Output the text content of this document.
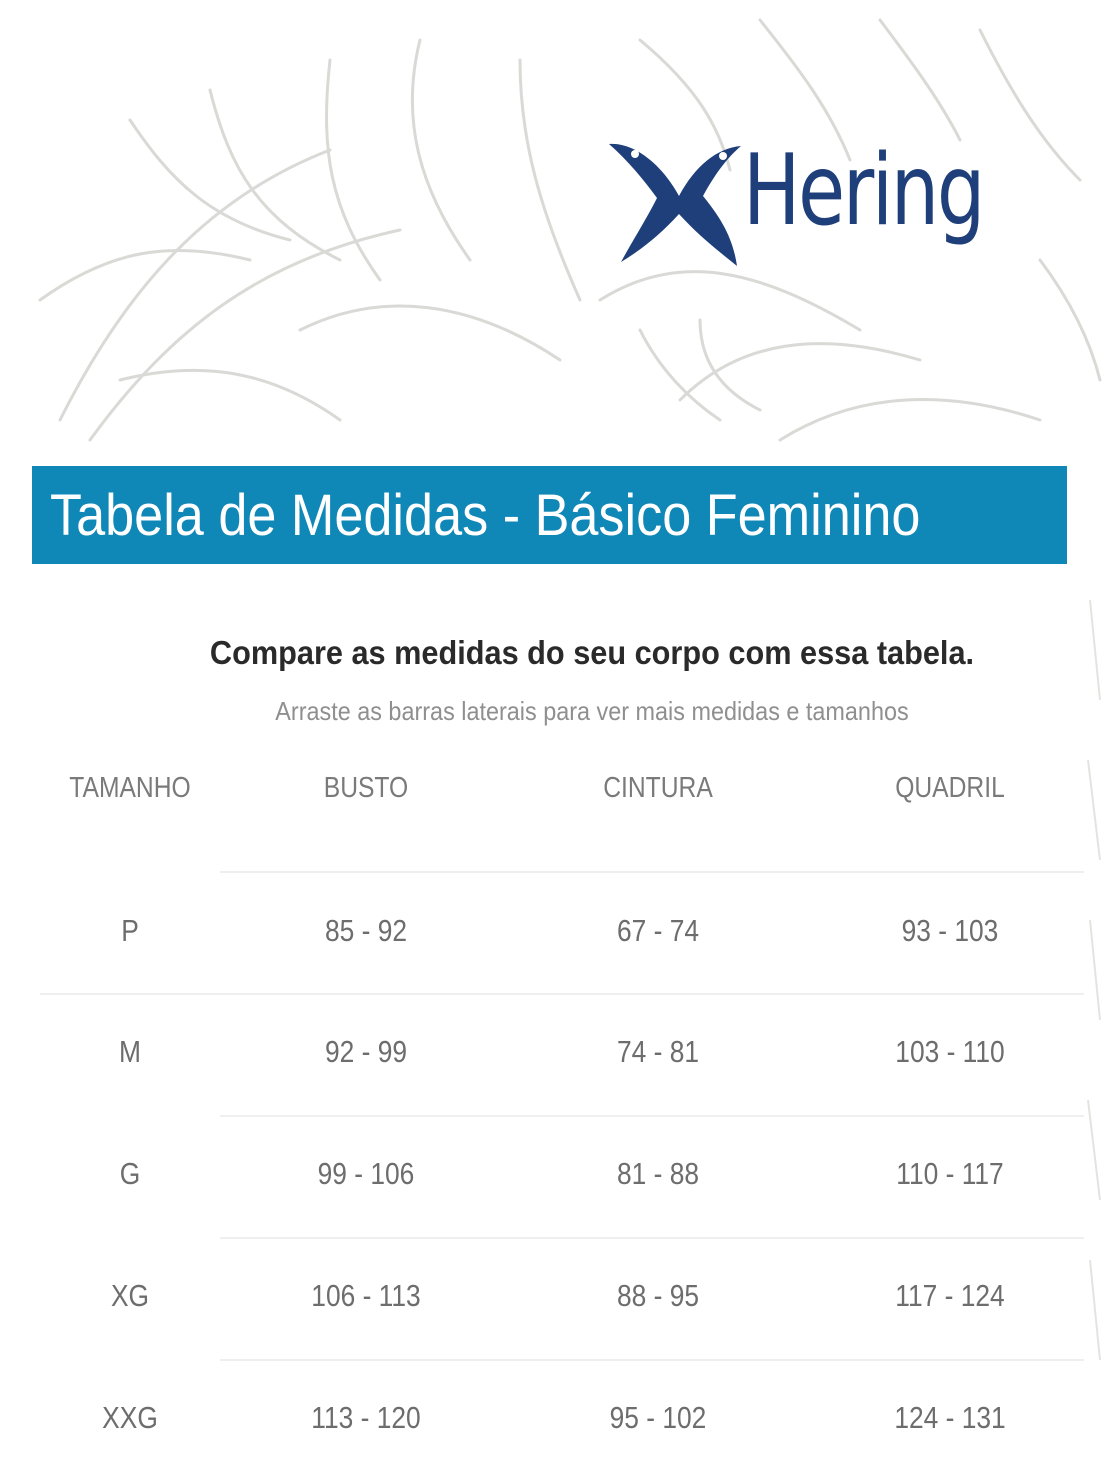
Hering
Tabela de Medidas - Básico Feminino
Compare as medidas do seu corpo com essa tabela.
Arraste as barras laterais para ver mais medidas e tamanhos
TAMANHO	BUSTO	CINTURA	QUADRIL
P	85 - 92	67 - 74	93 - 103
M	92 - 99	74 - 81	103 - 110
G	99 - 106	81 - 88	110 - 117
XG	106 - 113	88 - 95	117 - 124
XXG	113 - 120	95 - 102	124 - 131
